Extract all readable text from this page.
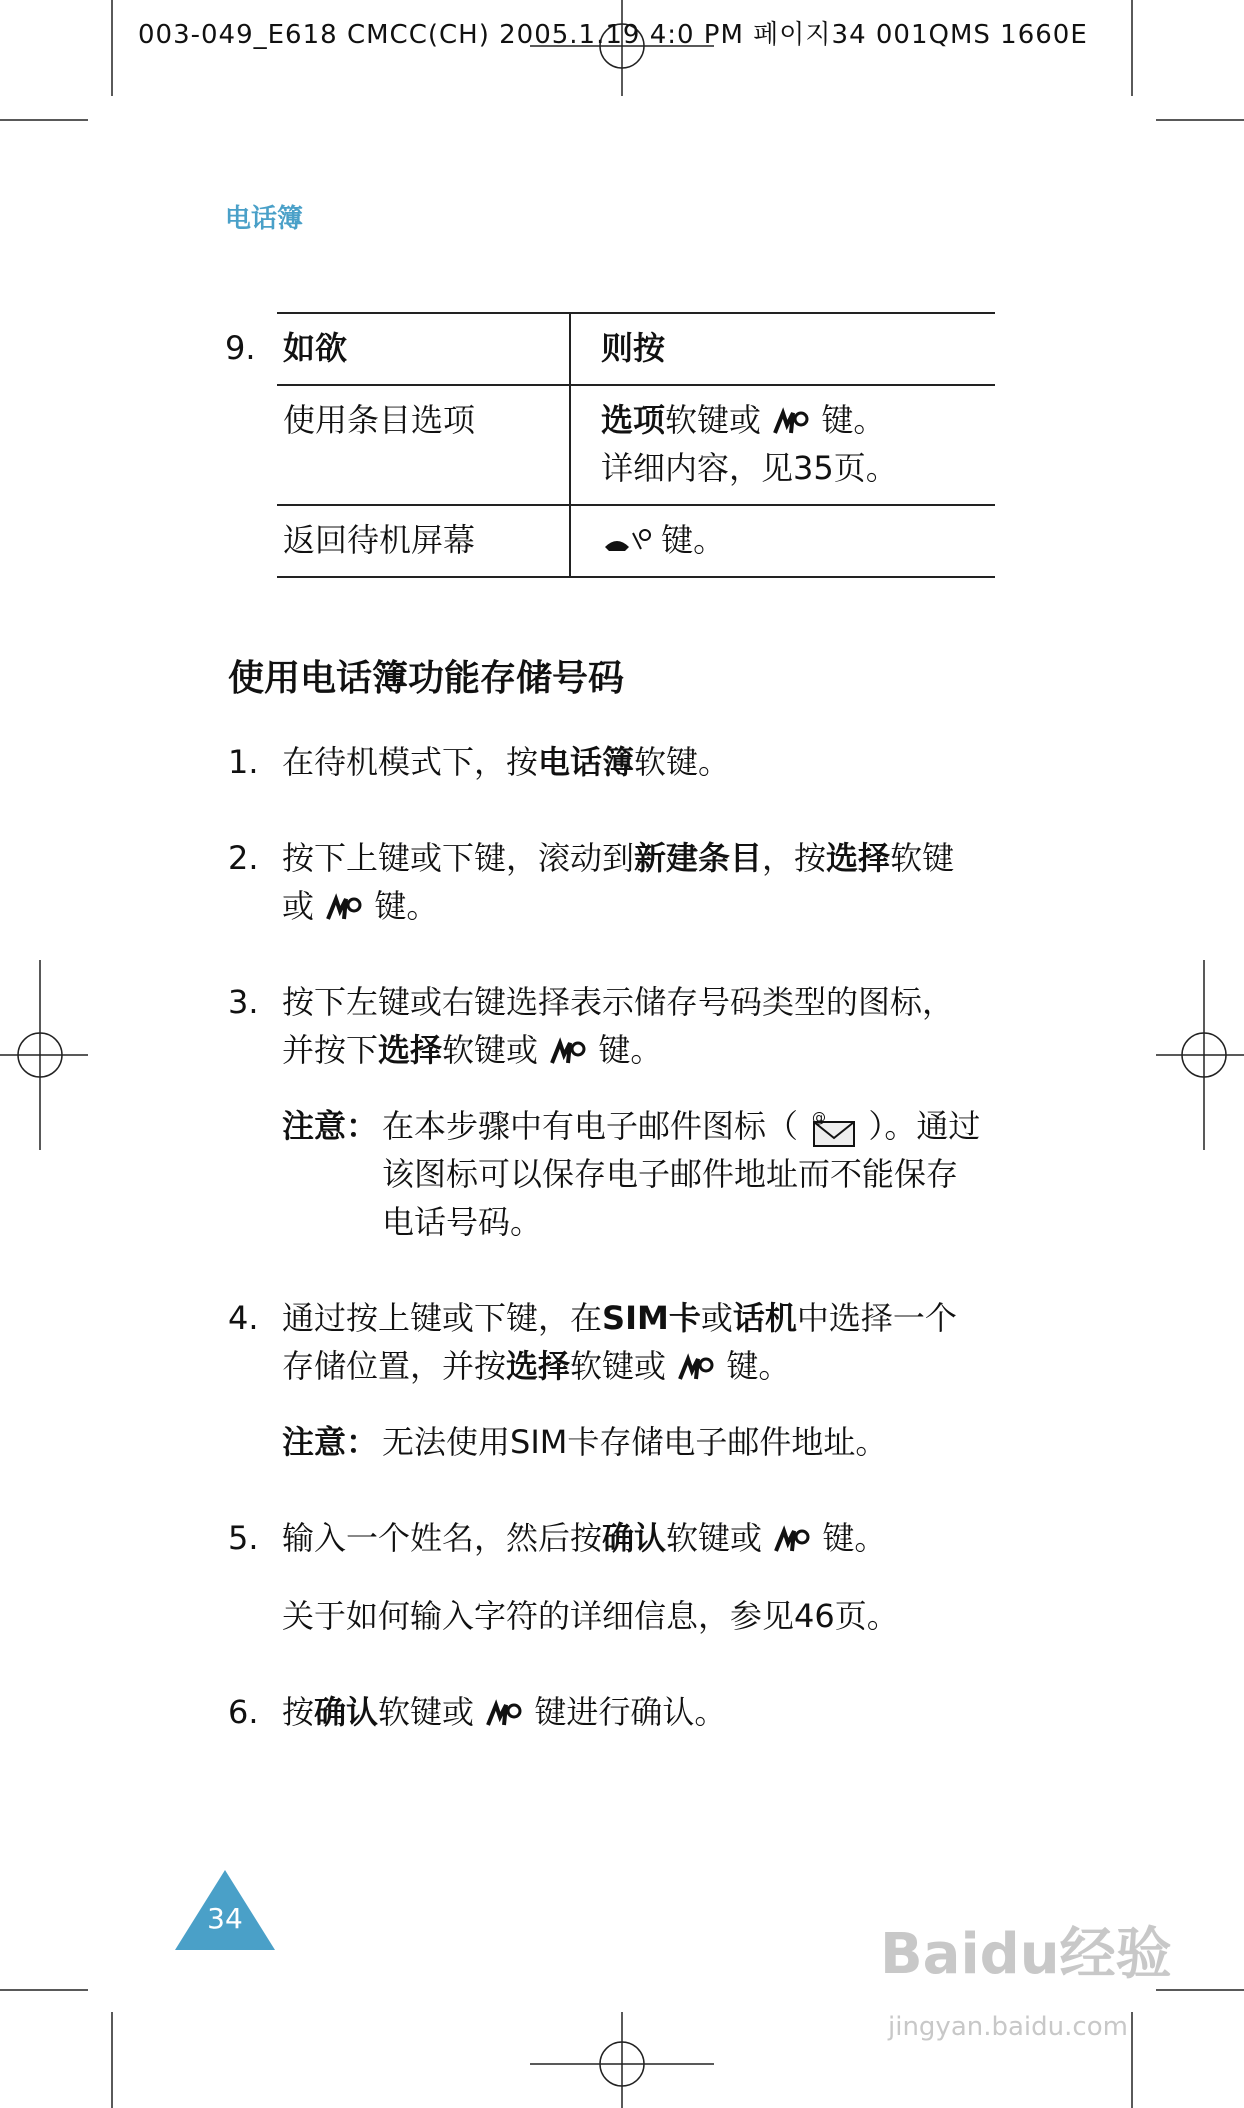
003-049_E618 CMCC(CH) 2005.1.19 4:0 PM 페이지34 001QMS 1660E
电话簿
9. 如欲	则按
使用条目选项	选项软键或 键。
详细内容，见35页。
返回待机屏幕	键。
使用电话簿功能存储号码
1. 在待机模式下，按电话簿软键。
2. 按下上键或下键，滚动到新建条目，按选择软键
或 键。
3. 按下左键或右键选择表示储存号码类型的图标，
并按下选择软键或 键。
注意： 在本步骤中有电子邮件图标（ @ ）。通过
该图标可以保存电子邮件地址而不能保存
电话号码。
4. 通过按上键或下键，在SIM卡或话机中选择一个
存储位置，并按选择软键或 键。
注意： 无法使用SIM卡存储电子邮件地址。
5. 输入一个姓名，然后按确认软键或 键。
关于如何输入字符的详细信息，参见46页。
6. 按确认软键或 键进行确认。
34
Baidu经验
jingyan.baidu.com
